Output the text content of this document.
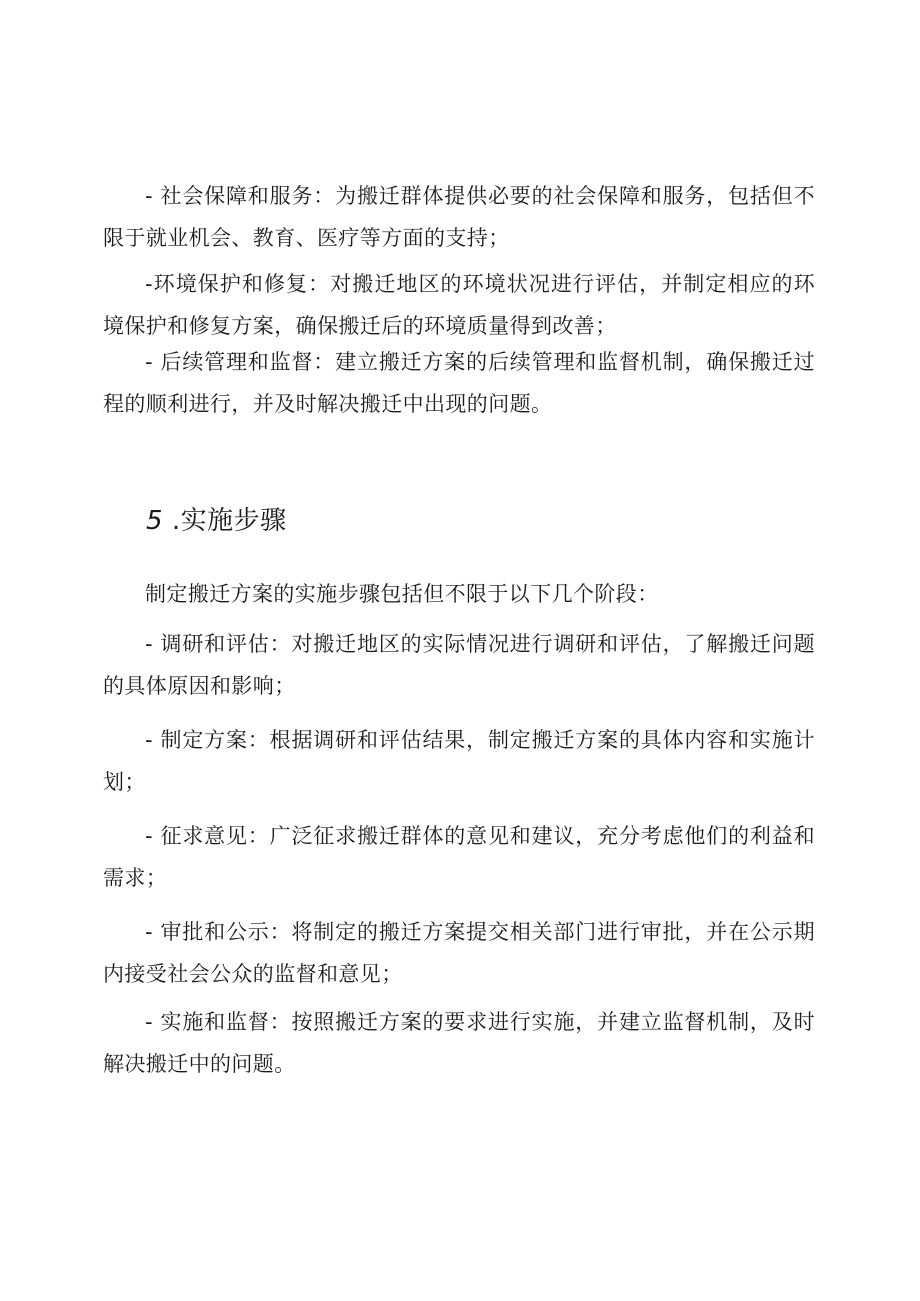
- 社会保障和服务：为搬迁群体提供必要的社会保障和服务，包括但不限于就业机会、教育、医疗等方面的支持；

-环境保护和修复：对搬迁地区的环境状况进行评估，并制定相应的环境保护和修复方案，确保搬迁后的环境质量得到改善；

- 后续管理和监督：建立搬迁方案的后续管理和监督机制，确保搬迁过程的顺利进行，并及时解决搬迁中出现的问题。

5 .实施步骤

制定搬迁方案的实施步骤包括但不限于以下几个阶段：

- 调研和评估：对搬迁地区的实际情况进行调研和评估，了解搬迁问题的具体原因和影响；

- 制定方案：根据调研和评估结果，制定搬迁方案的具体内容和实施计划；

- 征求意见：广泛征求搬迁群体的意见和建议，充分考虑他们的利益和需求；

- 审批和公示：将制定的搬迁方案提交相关部门进行审批，并在公示期内接受社会公众的监督和意见；

- 实施和监督：按照搬迁方案的要求进行实施，并建立监督机制，及时解决搬迁中的问题。
